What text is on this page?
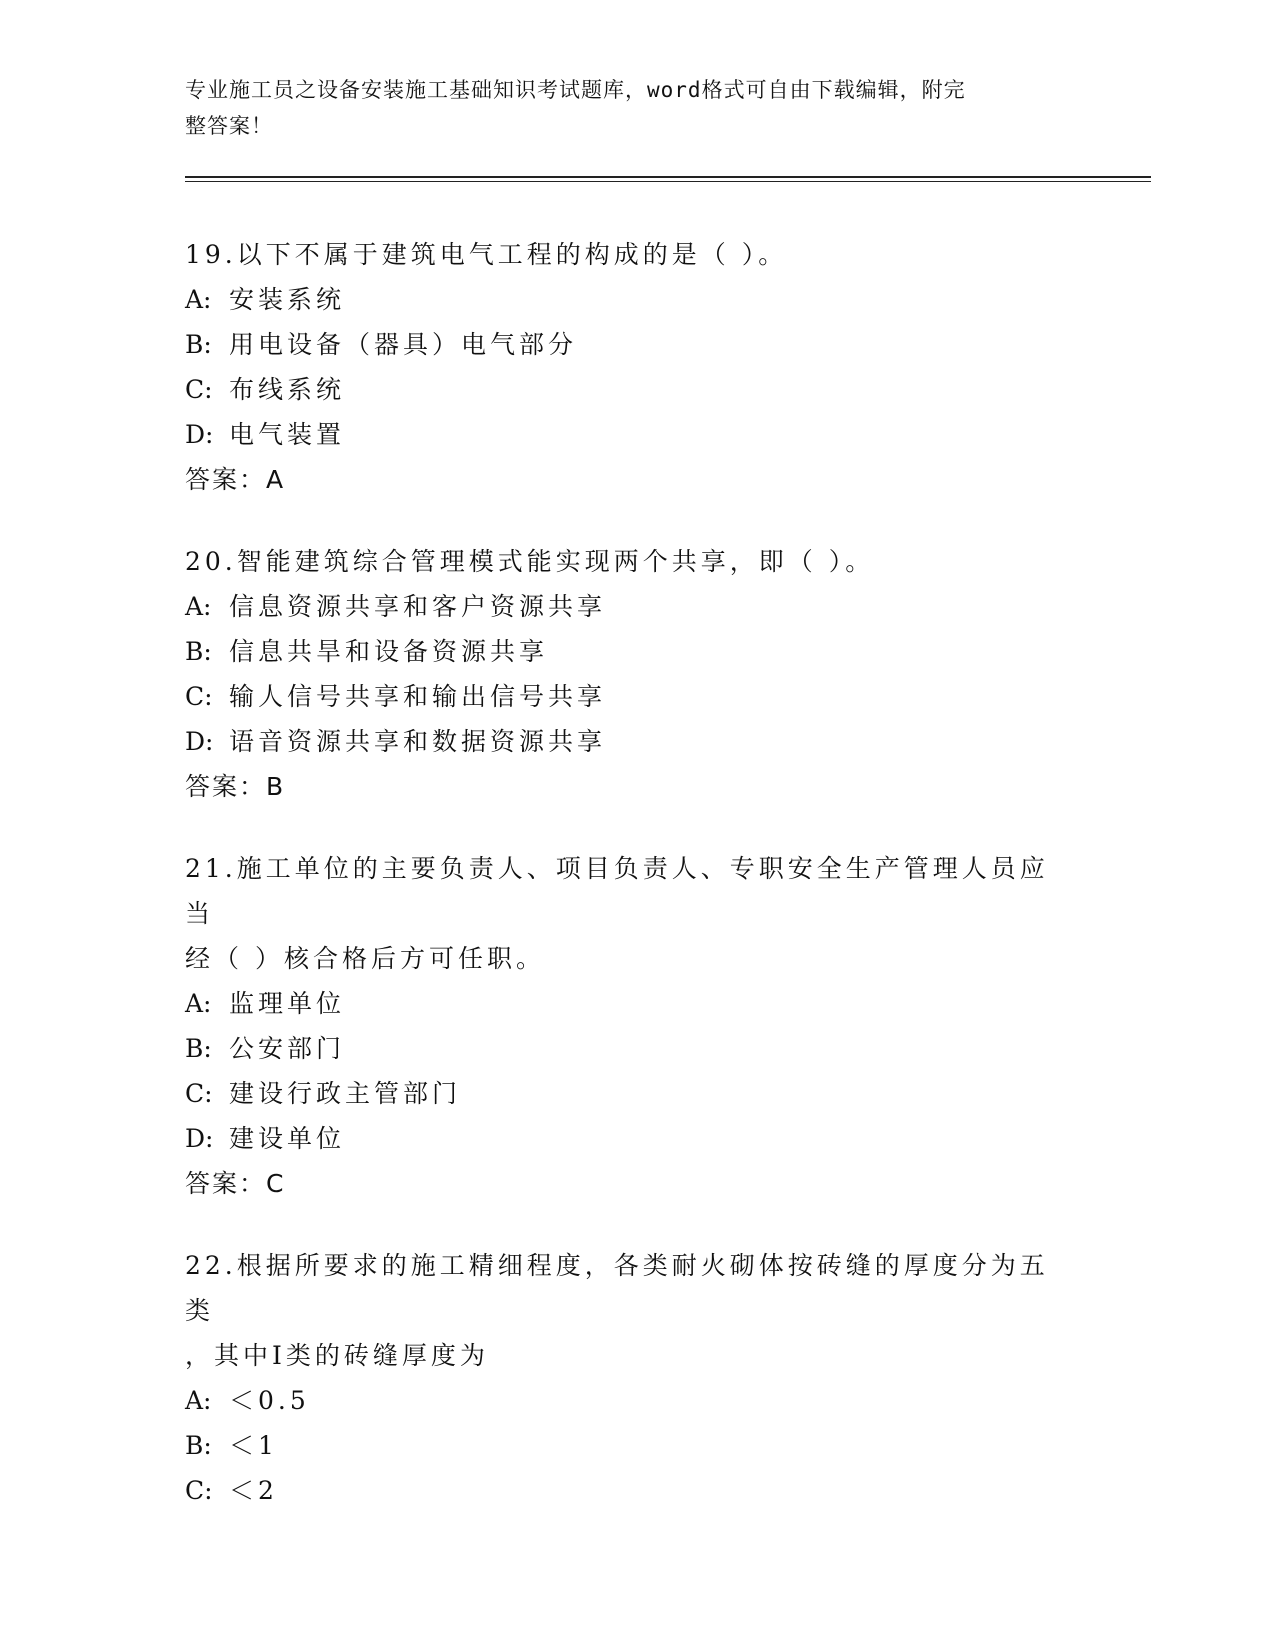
专业施工员之设备安装施工基础知识考试题库，word格式可自由下载编辑，附完
整答案！
19.以下不属于建筑电气工程的构成的是（ ）。
A: 安装系统
B: 用电设备（器具）电气部分
C: 布线系统
D: 电气装置
答案：A
20.智能建筑综合管理模式能实现两个共享，即（ ）。
A: 信息资源共享和客户资源共享
B: 信息共旱和设备资源共享
C: 输人信号共享和输出信号共享
D: 语音资源共享和数据资源共享
答案：B
21.施工单位的主要负责人、项目负责人、专职安全生产管理人员应当
经（ ）核合格后方可任职。
A: 监理单位
B: 公安部门
C: 建设行政主管部门
D: 建设单位
答案：C
22.根据所要求的施工精细程度，各类耐火砌体按砖缝的厚度分为五类
，其中Ⅰ类的砖缝厚度为
A: ＜0.5
B: ＜1
C: ＜2
